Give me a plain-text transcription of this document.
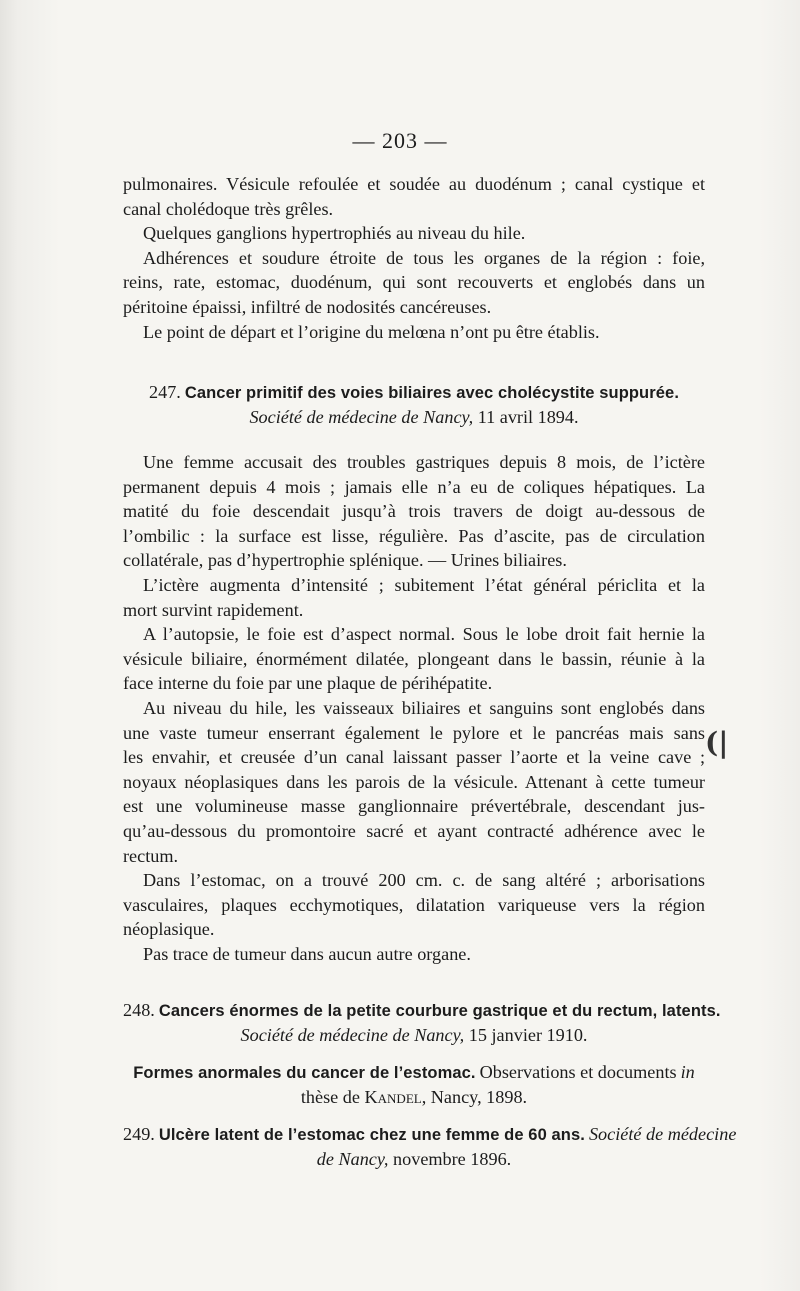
— 203 —
pulmonaires. Vésicule refoulée et soudée au duodénum ; canal cystique et
canal cholédoque très grêles.
Quelques ganglions hypertrophiés au niveau du hile.
Adhérences et soudure étroite de tous les organes de la région : foie,
reins, rate, estomac, duodénum, qui sont recouverts et englobés dans un
péritoine épaissi, infiltré de nodosités cancéreuses.
Le point de départ et l’origine du melœna n’ont pu être établis.
247. Cancer primitif des voies biliaires avec cholécystite suppurée.
Société de médecine de Nancy, 11 avril 1894.
Une femme accusait des troubles gastriques depuis 8 mois, de l’ictère
permanent depuis 4 mois ; jamais elle n’a eu de coliques hépatiques. La
matité du foie descendait jusqu’à trois travers de doigt au-dessous de
l’ombilic : la surface est lisse, régulière. Pas d’ascite, pas de circulation
collatérale, pas d’hypertrophie splénique. — Urines biliaires.
L’ictère augmenta d’intensité ; subitement l’état général périclita et la
mort survint rapidement.
A l’autopsie, le foie est d’aspect normal. Sous le lobe droit fait hernie la
vésicule biliaire, énormément dilatée, plongeant dans le bassin, réunie à la
face interne du foie par une plaque de périhépatite.
Au niveau du hile, les vaisseaux biliaires et sanguins sont englobés dans
une vaste tumeur enserrant également le pylore et le pancréas mais sans
les envahir, et creusée d’un canal laissant passer l’aorte et la veine cave ;
noyaux néoplasiques dans les parois de la vésicule. Attenant à cette tumeur
est une volumineuse masse ganglionnaire prévertébrale, descendant jus-
qu’au-dessous du promontoire sacré et ayant contracté adhérence avec le
rectum.
Dans l’estomac, on a trouvé 200 cm. c. de sang altéré ; arborisations
vasculaires, plaques ecchymotiques, dilatation variqueuse vers la région
néoplasique.
Pas trace de tumeur dans aucun autre organe.
248. Cancers énormes de la petite courbure gastrique et du rectum, latents.
Société de médecine de Nancy, 15 janvier 1910.
Formes anormales du cancer de l’estomac. Observations et documents in
thèse de Kandel, Nancy, 1898.
249. Ulcère latent de l’estomac chez une femme de 60 ans. Société de médecine
de Nancy, novembre 1896.
(|
